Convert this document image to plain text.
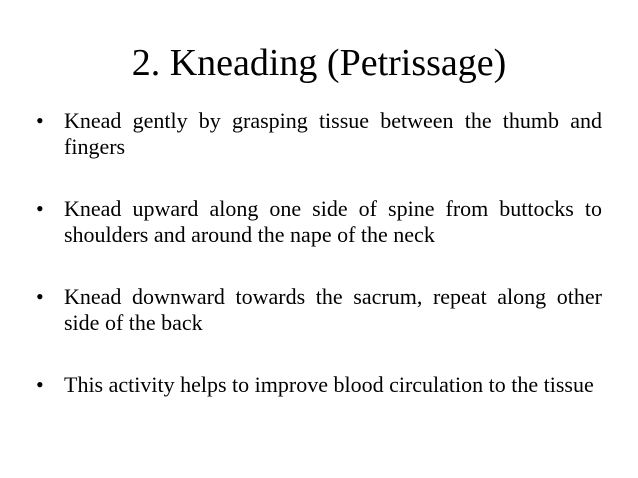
2. Kneading (Petrissage)
• Knead gently by grasping tissue between the thumb and fingers
• Knead upward along one side of spine from buttocks to shoulders and around the nape of the neck
• Knead downward towards the sacrum, repeat along other side of the back
• This activity helps to improve blood circulation to the tissue
